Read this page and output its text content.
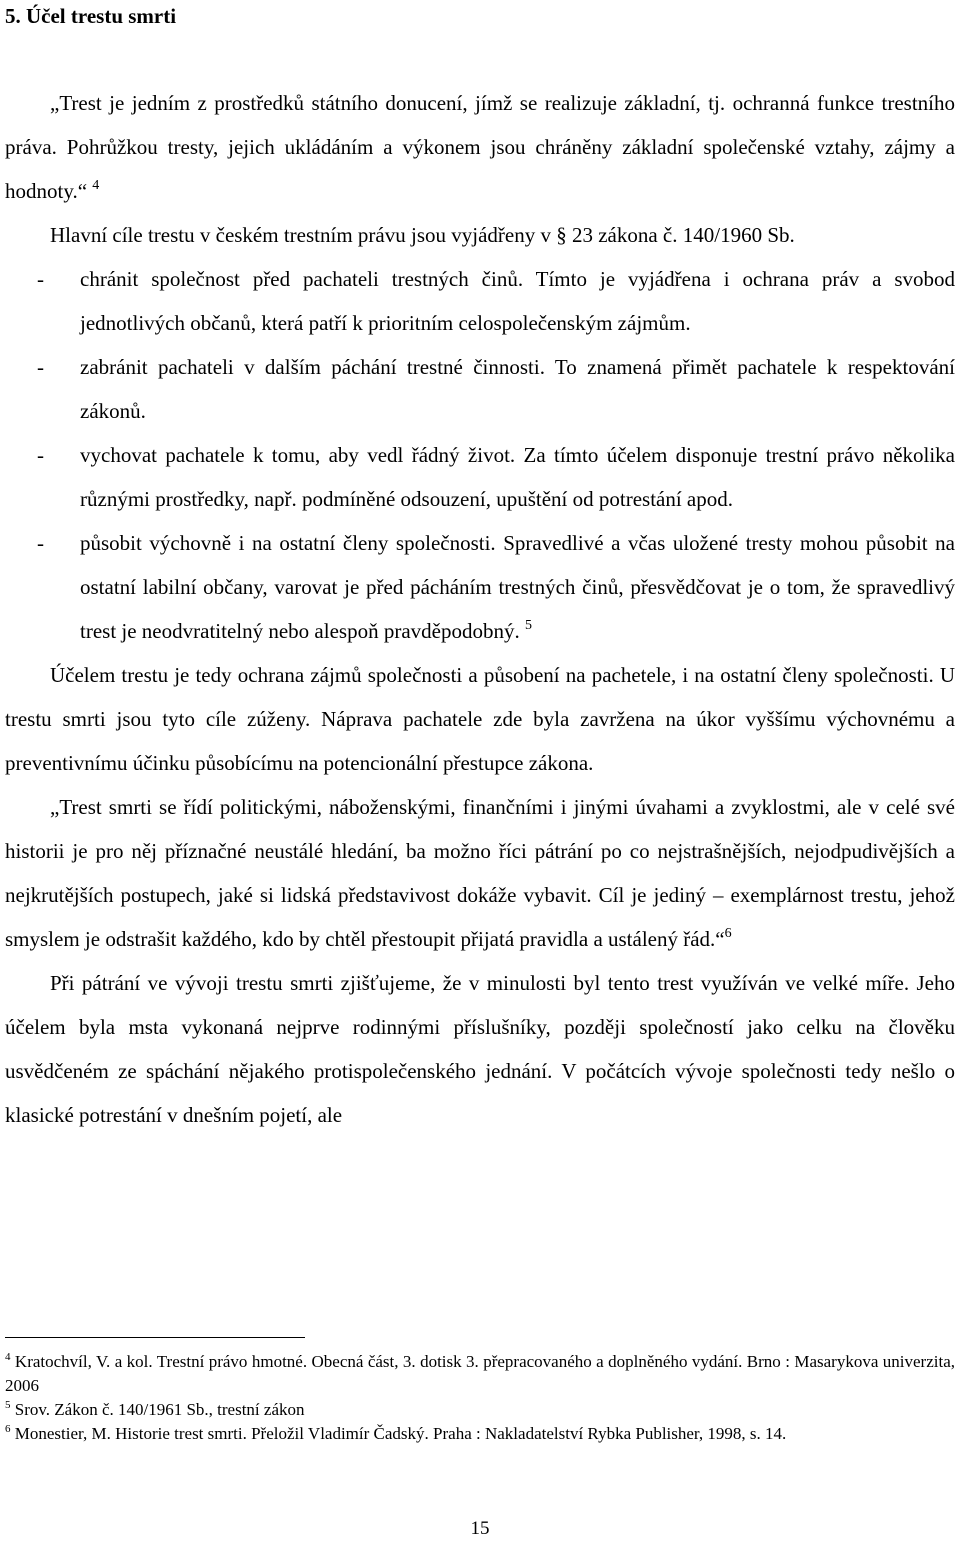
5. Účel trestu smrti

„Trest je jedním z prostředků státního donucení, jímž se realizuje základní, tj. ochranná funkce trestního práva. Pohrůžkou tresty, jejich ukládáním a výkonem jsou chráněny základní společenské vztahy, zájmy a hodnoty.“ $^4$

Hlavní cíle trestu v českém trestním právu jsou vyjádřeny v § 23 zákona č. 140/1960 Sb.

- chránit společnost před pachateli trestných činů. Tímto je vyjádřena i ochrana práv a svobod jednotlivých občanů, která patří k prioritním celospolečenským zájmům.
- zabránit pachateli v dalším páchání trestné činnosti. To znamená přimět pachatele k respektování zákonů.
- vychovat pachatele k tomu, aby vedl řádný život. Za tímto účelem disponuje trestní právo několika různými prostředky, např. podmíněné odsouzení, upuštění od potrestání apod.
- působit výchovně i na ostatní členy společnosti. Spravedlivé a včas uložené tresty mohou působit na ostatní labilní občany, varovat je před pácháním trestných činů, přesvědčovat je o tom, že spravedlivý trest je neodvratitelný nebo alespoň pravděpodobný. $^5$

Účelem trestu je tedy ochrana zájmů společnosti a působení na pachetele, i na ostatní členy společnosti. U trestu smrti jsou tyto cíle zúženy. Náprava pachatele zde byla zavržena na úkor vyššímu výchovnému a preventivnímu účinku působícímu na potencionální přestupce zákona.

„Trest smrti se řídí politickými, náboženskými, finančními i jinými úvahami a zvyklostmi, ale v celé své historii je pro něj příznačné neustálé hledání, ba možno říci pátrání po co nejstrašnějších, nejodpudivějších a nejkrutějších postupech, jaké si lidská představivost dokáže vybavit. Cíl je jediný – exemplárnost trestu, jehož smyslem je odstrašit každého, kdo by chtěl přestoupit přijatá pravidla a ustálený řád.“$^6$

Při pátrání ve vývoji trestu smrti zjišťujeme, že v minulosti byl tento trest využíván ve velké míře. Jeho účelem byla msta vykonaná nejprve rodinnými příslušníky, později společností jako celku na člověku usvědčeném ze spáchání nějakého protispolečenského jednání. V počátcích vývoje společnosti tedy nešlo o klasické potrestání v dnešním pojetí, ale

$^4$ Kratochvíl, V. a kol. Trestní právo hmotné. Obecná část, 3. dotisk 3. přepracovaného a doplněného vydání. Brno : Masarykova univerzita, 2006

$^5$ Srov. Zákon č. 140/1961 Sb., trestní zákon

$^6$ Monestier, M. Historie trest smrti. Přeložil Vladimír Čadský. Praha : Nakladatelství Rybka Publisher, 1998, s. 14.

15
